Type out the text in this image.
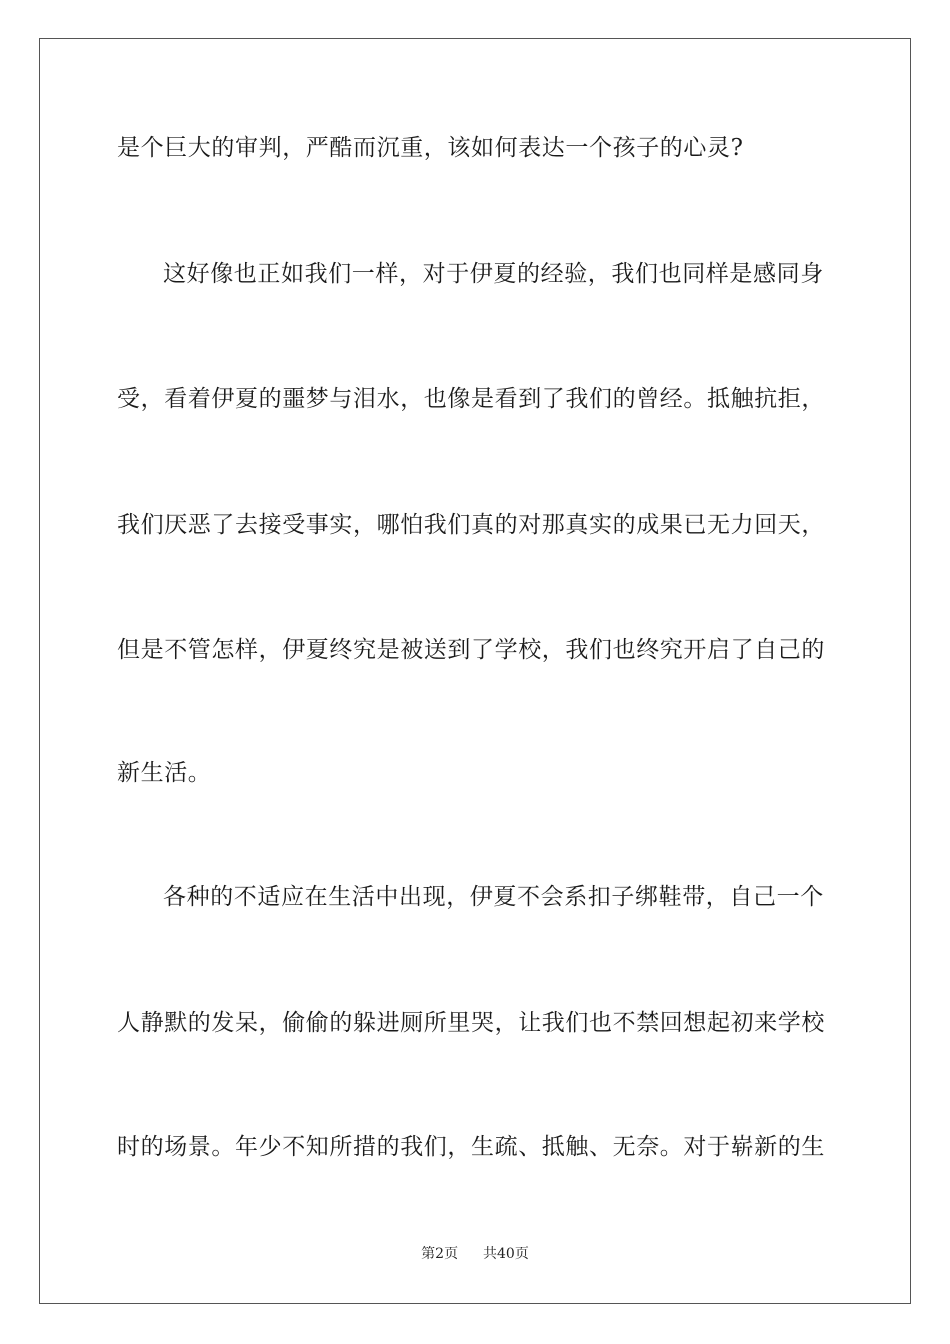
是个巨大的审判，严酷而沉重，该如何表达一个孩子的心灵?
这好像也正如我们一样，对于伊夏的经验，我们也同样是感同身
受，看着伊夏的噩梦与泪水，也像是看到了我们的曾经。抵触抗拒，
我们厌恶了去接受事实，哪怕我们真的对那真实的成果已无力回天，
但是不管怎样，伊夏终究是被送到了学校，我们也终究开启了自己的
新生活。
各种的不适应在生活中出现，伊夏不会系扣子绑鞋带，自己一个
人静默的发呆，偷偷的躲进厕所里哭，让我们也不禁回想起初来学校
时的场景。年少不知所措的我们，生疏、抵触、无奈。对于崭新的生
第2页 共40页
